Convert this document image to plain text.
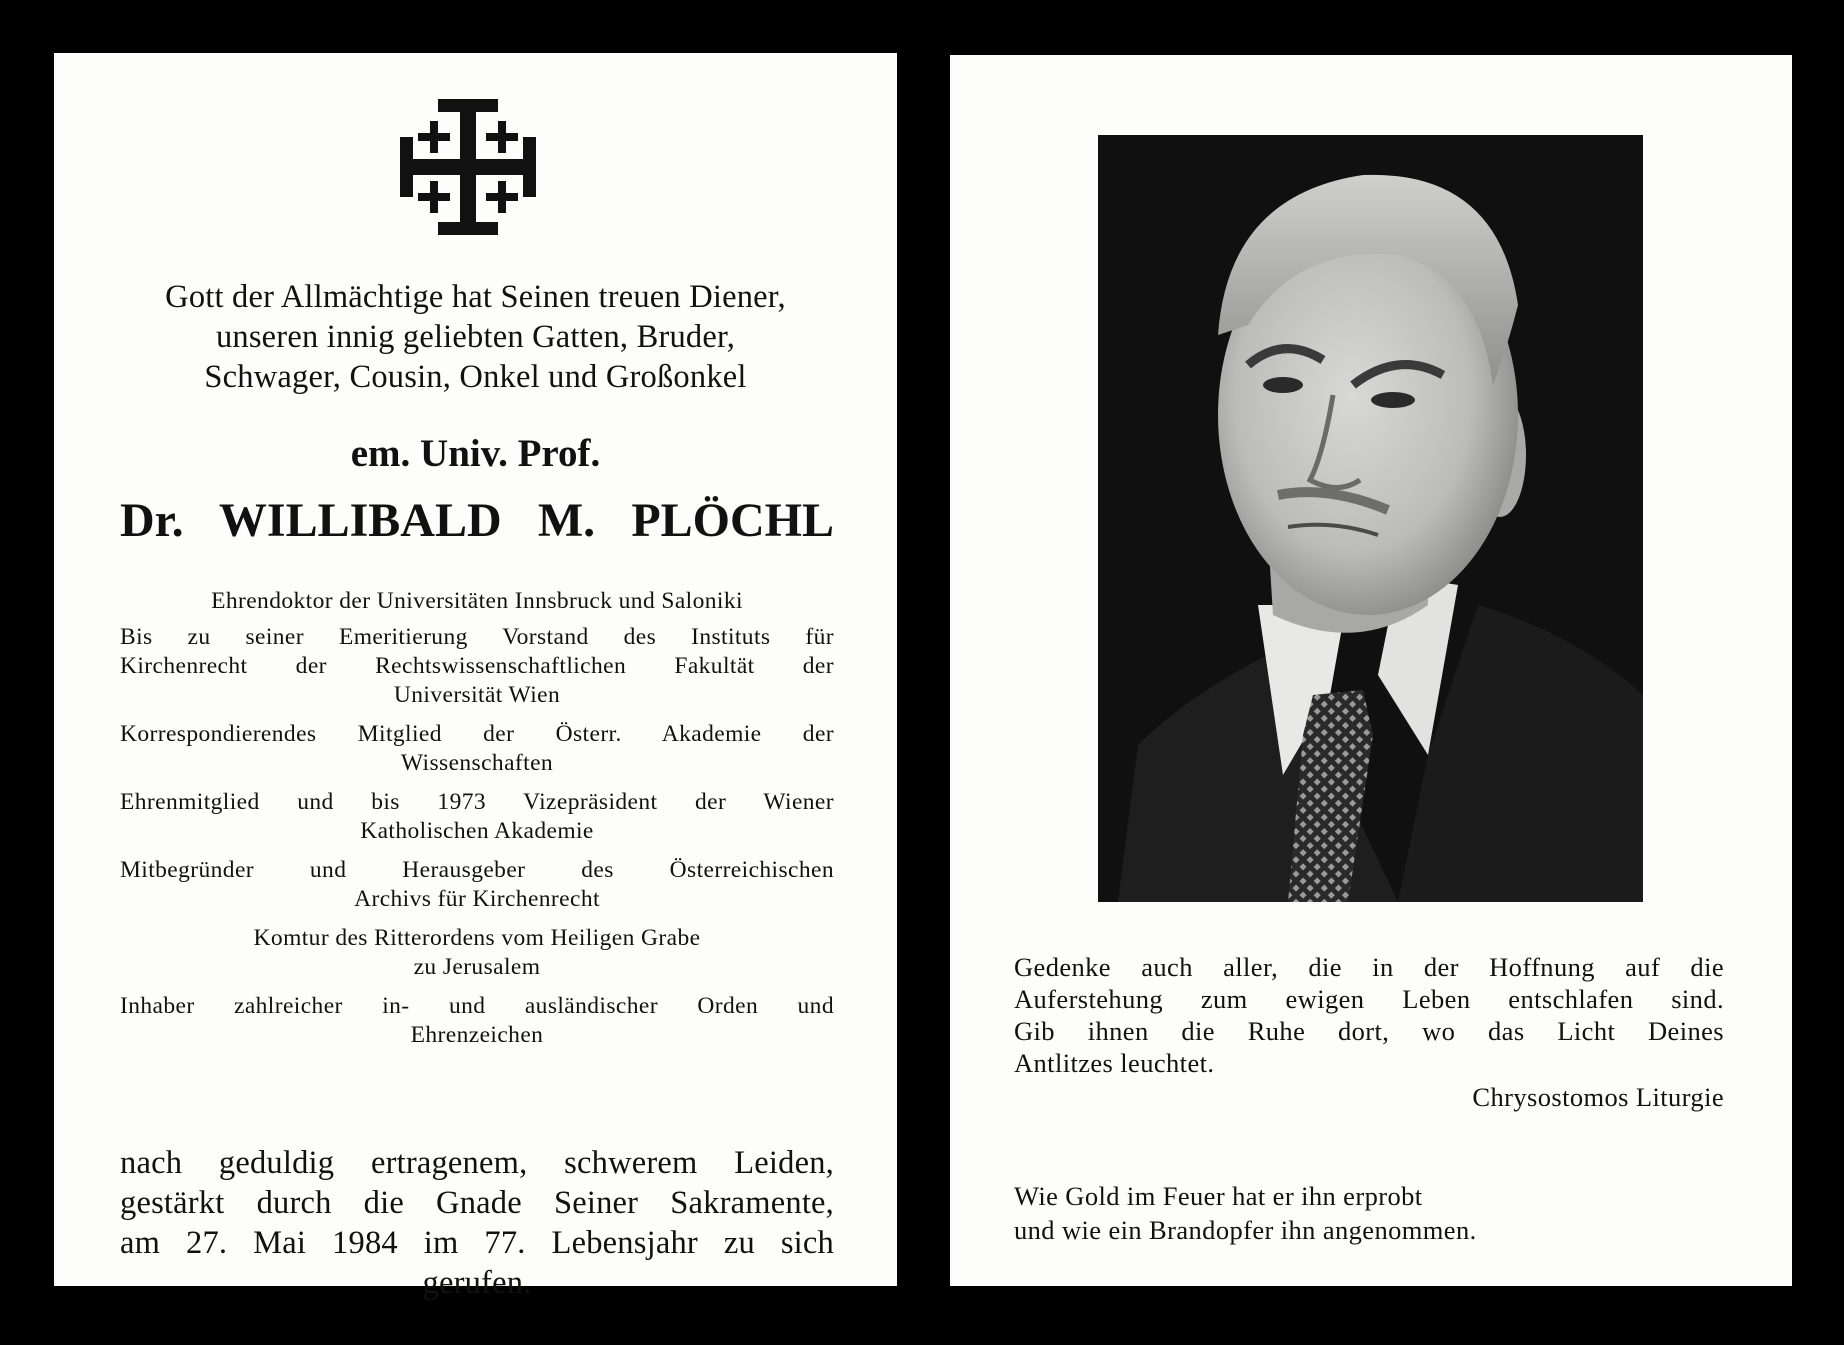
Gott der Allmächtige hat Seinen treuen Diener,
unseren innig geliebten Gatten, Bruder,
Schwager, Cousin, Onkel und Großonkel
em. Univ. Prof.
Dr. WILLIBALD M. PLÖCHL
Ehrendoktor der Universitäten Innsbruck und Saloniki
Bis zu seiner Emeritierung Vorstand des Instituts für
Kirchenrecht der Rechtswissenschaftlichen Fakultät der
Universität Wien
Korrespondierendes Mitglied der Österr. Akademie der
Wissenschaften
Ehrenmitglied und bis 1973 Vizepräsident der Wiener
Katholischen Akademie
Mitbegründer und Herausgeber des Österreichischen
Archivs für Kirchenrecht
Komtur des Ritterordens vom Heiligen Grabe
zu Jerusalem
Inhaber zahlreicher in- und ausländischer Orden und
Ehrenzeichen
nach geduldig ertragenem, schwerem Leiden,
gestärkt durch die Gnade Seiner Sakramente,
am 27. Mai 1984 im 77. Lebensjahr zu sich
gerufen.
Gedenke auch aller, die in der Hoffnung auf die
Auferstehung zum ewigen Leben entschlafen sind.
Gib ihnen die Ruhe dort, wo das Licht Deines
Antlitzes leuchtet.
Chrysostomos Liturgie
Wie Gold im Feuer hat er ihn erprobt
und wie ein Brandopfer ihn angenommen.
